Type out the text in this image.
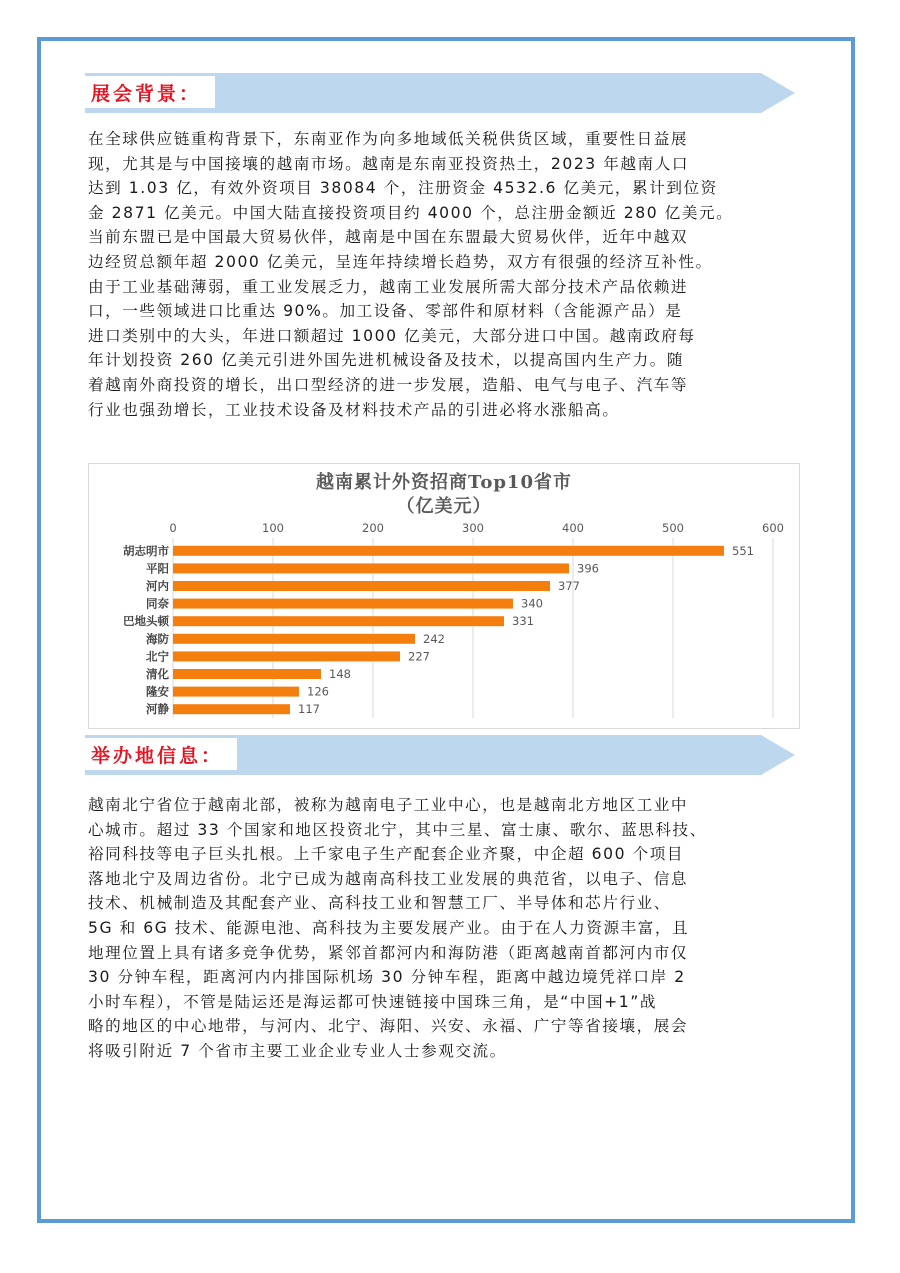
展会背景：
在全球供应链重构背景下，东南亚作为向多地域低关税供货区域，重要性日益展
现，尤其是与中国接壤的越南市场。越南是东南亚投资热土，2023 年越南人口
达到 1.03 亿，有效外资项目 38084 个，注册资金 4532.6 亿美元，累计到位资
金 2871 亿美元。中国大陆直接投资项目约 4000 个，总注册金额近 280 亿美元。
当前东盟已是中国最大贸易伙伴，越南是中国在东盟最大贸易伙伴，近年中越双
边经贸总额年超 2000 亿美元，呈连年持续增长趋势，双方有很强的经济互补性。
由于工业基础薄弱，重工业发展乏力，越南工业发展所需大部分技术产品依赖进
口，一些领域进口比重达 90%。加工设备、零部件和原材料（含能源产品）是
进口类别中的大头，年进口额超过 1000 亿美元，大部分进口中国。越南政府每
年计划投资 260 亿美元引进外国先进机械设备及技术，以提高国内生产力。随
着越南外商投资的增长，出口型经济的进一步发展，造船、电气与电子、汽车等
行业也强劲增长，工业技术设备及材料技术产品的引进必将水涨船高。
越南累计外资招商Top10省市
（亿美元）
0	100	200	300	400	500	600
胡志明市	551
平阳	396
河内	377
同奈	340
巴地头顿	331
海防	242
北宁	227
清化	148
隆安	126
河静	117
举办地信息：
越南北宁省位于越南北部，被称为越南电子工业中心，也是越南北方地区工业中
心城市。超过 33 个国家和地区投资北宁，其中三星、富士康、歌尔、蓝思科技、
裕同科技等电子巨头扎根。上千家电子生产配套企业齐聚，中企超 600 个项目
落地北宁及周边省份。北宁已成为越南高科技工业发展的典范省，以电子、信息
技术、机械制造及其配套产业、高科技工业和智慧工厂、半导体和芯片行业、
5G 和 6G 技术、能源电池、高科技为主要发展产业。由于在人力资源丰富，且
地理位置上具有诸多竞争优势，紧邻首都河内和海防港（距离越南首都河内市仅
30 分钟车程，距离河内内排国际机场 30 分钟车程，距离中越边境凭祥口岸 2
小时车程），不管是陆运还是海运都可快速链接中国珠三角，是“中国+1”战
略的地区的中心地带，与河内、北宁、海阳、兴安、永福、广宁等省接壤，展会
将吸引附近 7 个省市主要工业企业专业人士参观交流。
